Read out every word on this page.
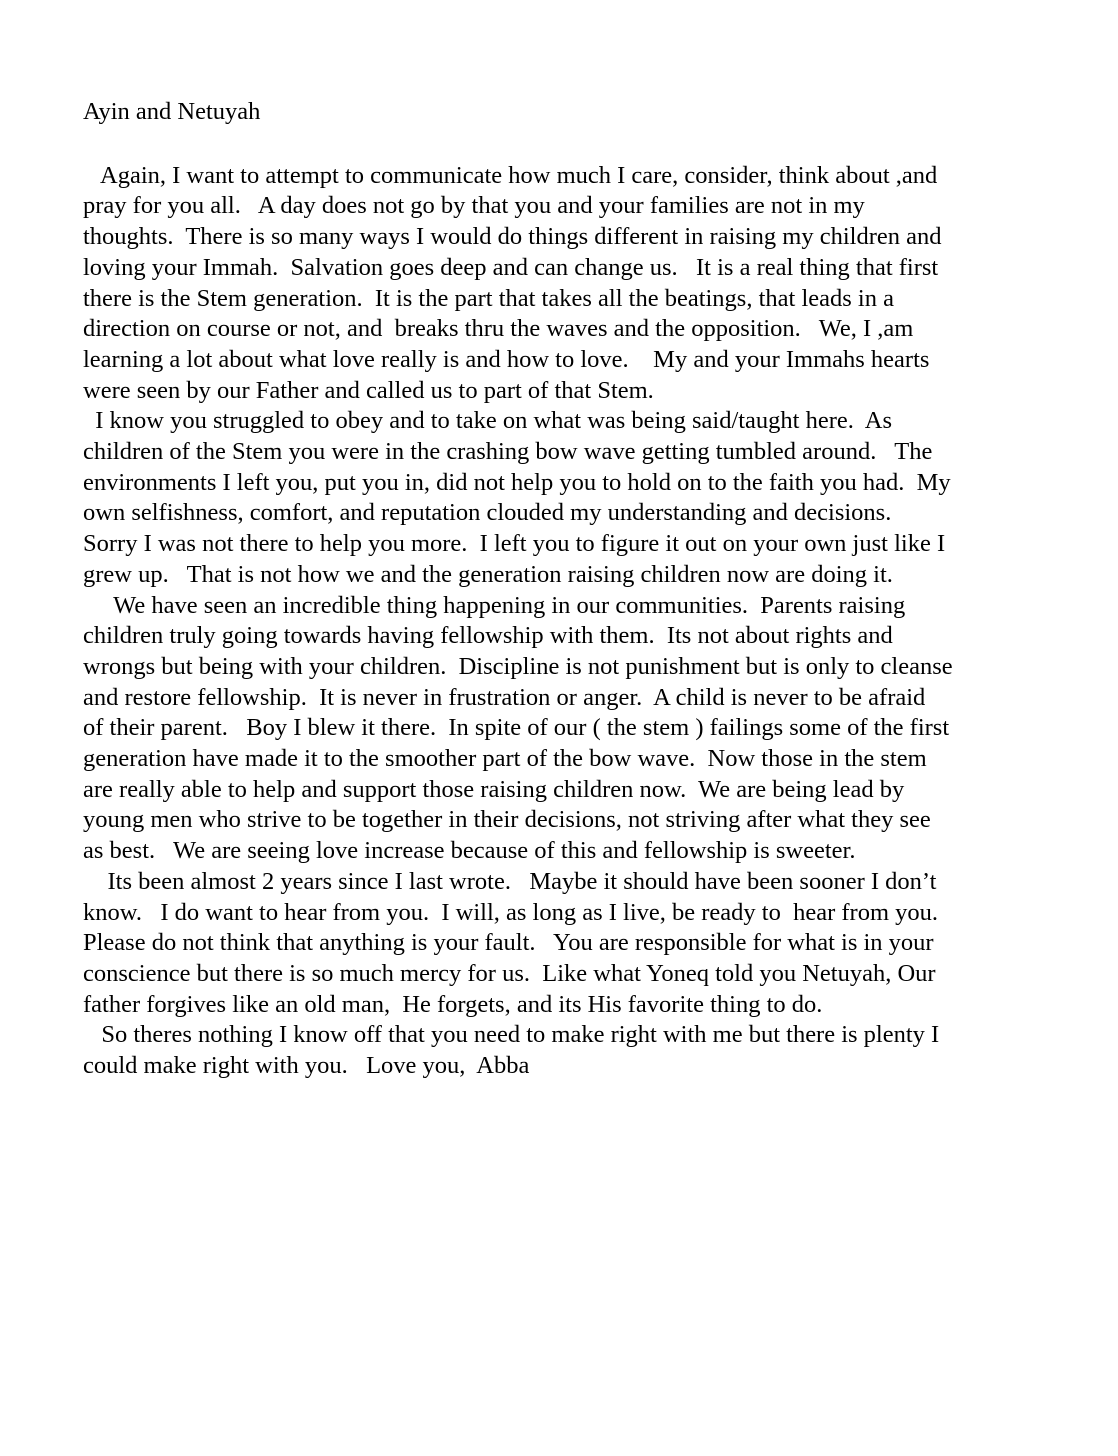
Ayin and Netuyah
Again, I want to attempt to communicate how much I care, consider, think about ,and
pray for you all.   A day does not go by that you and your families are not in my
thoughts.  There is so many ways I would do things different in raising my children and
loving your Immah.  Salvation goes deep and can change us.   It is a real thing that first
there is the Stem generation.  It is the part that takes all the beatings, that leads in a
direction on course or not, and  breaks thru the waves and the opposition.   We, I ,am
learning a lot about what love really is and how to love.    My and your Immahs hearts
were seen by our Father and called us to part of that Stem.
I know you struggled to obey and to take on what was being said/taught here.  As
children of the Stem you were in the crashing bow wave getting tumbled around.   The
environments I left you, put you in, did not help you to hold on to the faith you had.  My
own selfishness, comfort, and reputation clouded my understanding and decisions.
Sorry I was not there to help you more.  I left you to figure it out on your own just like I
grew up.   That is not how we and the generation raising children now are doing it.
We have seen an incredible thing happening in our communities.  Parents raising
children truly going towards having fellowship with them.  Its not about rights and
wrongs but being with your children.  Discipline is not punishment but is only to cleanse
and restore fellowship.  It is never in frustration or anger.  A child is never to be afraid
of their parent.   Boy I blew it there.  In spite of our ( the stem ) failings some of the first
generation have made it to the smoother part of the bow wave.  Now those in the stem
are really able to help and support those raising children now.  We are being lead by
young men who strive to be together in their decisions, not striving after what they see
as best.   We are seeing love increase because of this and fellowship is sweeter.
Its been almost 2 years since I last wrote.   Maybe it should have been sooner I don’t
know.   I do want to hear from you.  I will, as long as I live, be ready to  hear from you.
Please do not think that anything is your fault.   You are responsible for what is in your
conscience but there is so much mercy for us.  Like what Yoneq told you Netuyah, Our
father forgives like an old man,  He forgets, and its His favorite thing to do.
So theres nothing I know off that you need to make right with me but there is plenty I
could make right with you.   Love you,  Abba
